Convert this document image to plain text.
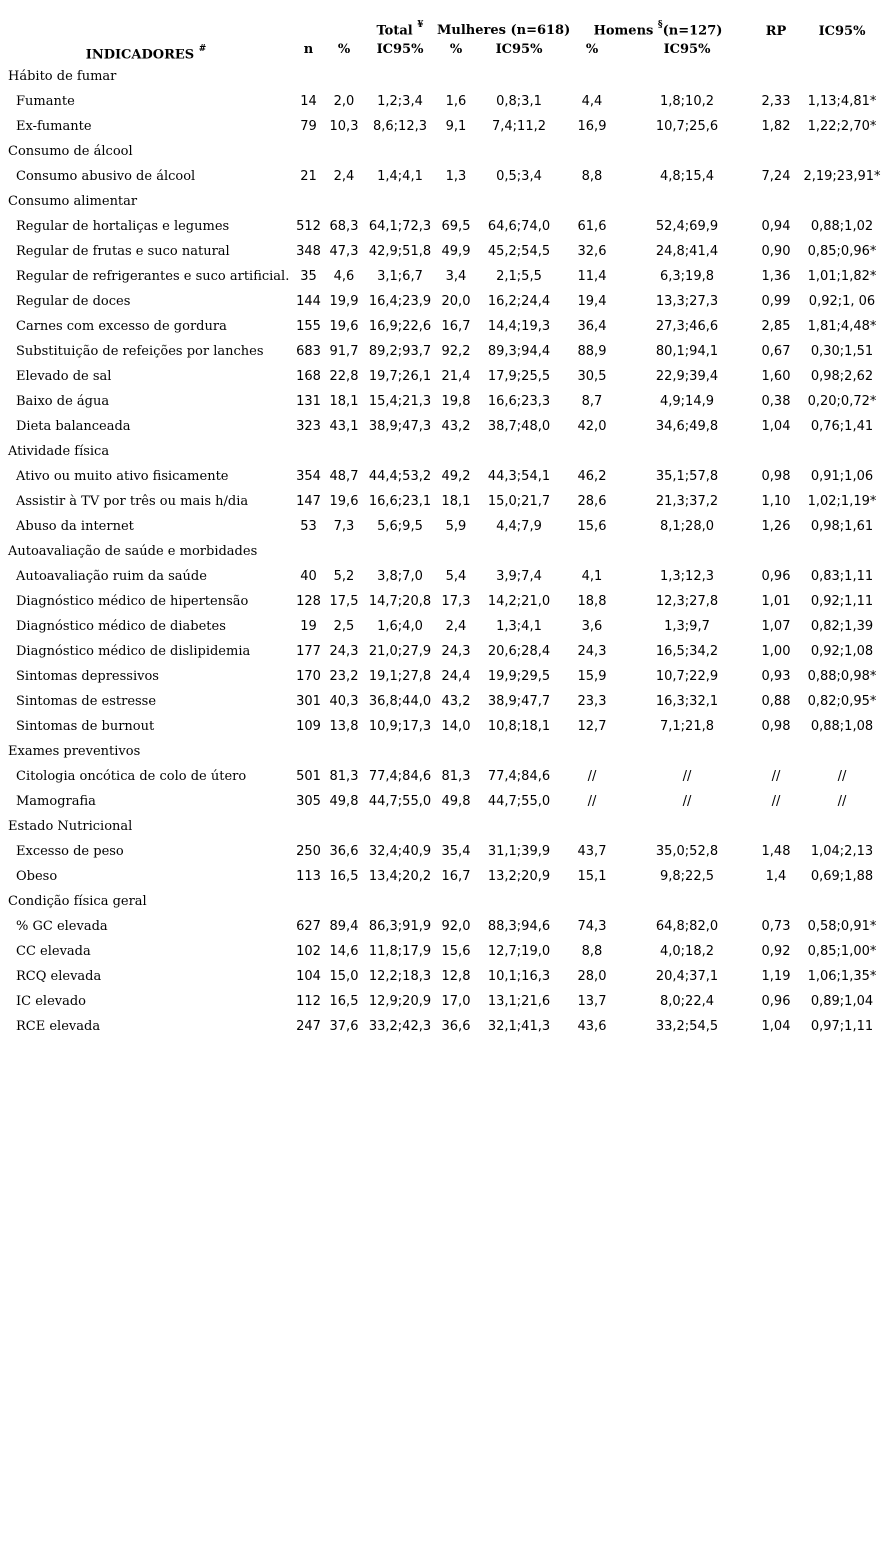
INDICADORES #			Total ¥	Mulheres (n=618)		Homens §(n=127)		RP	IC95%
	n	%	IC95%	%	IC95%	%	IC95%		
Hábito de fumar									
Fumante	14	2,0	1,2;3,4	1,6	0,8;3,1	4,4	1,8;10,2	2,33	1,13;4,81*
Ex-fumante	79	10,3	8,6;12,3	9,1	7,4;11,2	16,9	10,7;25,6	1,82	1,22;2,70*
Consumo de álcool									
Consumo abusivo de álcool	21	2,4	1,4;4,1	1,3	0,5;3,4	8,8	4,8;15,4	7,24	2,19;23,91*
Consumo alimentar									
Regular de hortaliças e legumes	512	68,3	64,1;72,3	69,5	64,6;74,0	61,6	52,4;69,9	0,94	0,88;1,02
Regular de frutas e suco natural	348	47,3	42,9;51,8	49,9	45,2;54,5	32,6	24,8;41,4	0,90	0,85;0,96*
Regular de refrigerantes e suco artificial.	35	4,6	3,1;6,7	3,4	2,1;5,5	11,4	6,3;19,8	1,36	1,01;1,82*
Regular de doces	144	19,9	16,4;23,9	20,0	16,2;24,4	19,4	13,3;27,3	0,99	0,92;1, 06
Carnes com excesso de gordura	155	19,6	16,9;22,6	16,7	14,4;19,3	36,4	27,3;46,6	2,85	1,81;4,48*
Substituição de refeições por lanches	683	91,7	89,2;93,7	92,2	89,3;94,4	88,9	80,1;94,1	0,67	0,30;1,51
Elevado de sal	168	22,8	19,7;26,1	21,4	17,9;25,5	30,5	22,9;39,4	1,60	0,98;2,62
Baixo de água	131	18,1	15,4;21,3	19,8	16,6;23,3	8,7	4,9;14,9	0,38	0,20;0,72*
Dieta balanceada	323	43,1	38,9;47,3	43,2	38,7;48,0	42,0	34,6;49,8	1,04	0,76;1,41
Atividade física									
Ativo ou muito ativo fisicamente	354	48,7	44,4;53,2	49,2	44,3;54,1	46,2	35,1;57,8	0,98	0,91;1,06
Assistir à TV por três ou mais h/dia	147	19,6	16,6;23,1	18,1	15,0;21,7	28,6	21,3;37,2	1,10	1,02;1,19*
Abuso da internet	53	7,3	5,6;9,5	5,9	4,4;7,9	15,6	8,1;28,0	1,26	0,98;1,61
Autoavaliação de saúde e morbidades									
Autoavaliação ruim da saúde	40	5,2	3,8;7,0	5,4	3,9;7,4	4,1	1,3;12,3	0,96	0,83;1,11
Diagnóstico médico de hipertensão	128	17,5	14,7;20,8	17,3	14,2;21,0	18,8	12,3;27,8	1,01	0,92;1,11
Diagnóstico médico de diabetes	19	2,5	1,6;4,0	2,4	1,3;4,1	3,6	1,3;9,7	1,07	0,82;1,39
Diagnóstico médico de dislipidemia	177	24,3	21,0;27,9	24,3	20,6;28,4	24,3	16,5;34,2	1,00	0,92;1,08
Sintomas depressivos	170	23,2	19,1;27,8	24,4	19,9;29,5	15,9	10,7;22,9	0,93	0,88;0,98*
Sintomas de estresse	301	40,3	36,8;44,0	43,2	38,9;47,7	23,3	16,3;32,1	0,88	0,82;0,95*
Sintomas de burnout	109	13,8	10,9;17,3	14,0	10,8;18,1	12,7	7,1;21,8	0,98	0,88;1,08
Exames preventivos									
Citologia oncótica de colo de útero	501	81,3	77,4;84,6	81,3	77,4;84,6	//	//	//	//
Mamografia	305	49,8	44,7;55,0	49,8	44,7;55,0	//	//	//	//
Estado Nutricional									
Excesso de peso	250	36,6	32,4;40,9	35,4	31,1;39,9	43,7	35,0;52,8	1,48	1,04;2,13
Obeso	113	16,5	13,4;20,2	16,7	13,2;20,9	15,1	9,8;22,5	1,4	0,69;1,88
Condição física geral									
% GC elevada	627	89,4	86,3;91,9	92,0	88,3;94,6	74,3	64,8;82,0	0,73	0,58;0,91*
CC elevada	102	14,6	11,8;17,9	15,6	12,7;19,0	8,8	4,0;18,2	0,92	0,85;1,00*
RCQ elevada	104	15,0	12,2;18,3	12,8	10,1;16,3	28,0	20,4;37,1	1,19	1,06;1,35*
IC elevado	112	16,5	12,9;20,9	17,0	13,1;21,6	13,7	8,0;22,4	0,96	0,89;1,04
RCE elevada	247	37,6	33,2;42,3	36,6	32,1;41,3	43,6	33,2;54,5	1,04	0,97;1,11
